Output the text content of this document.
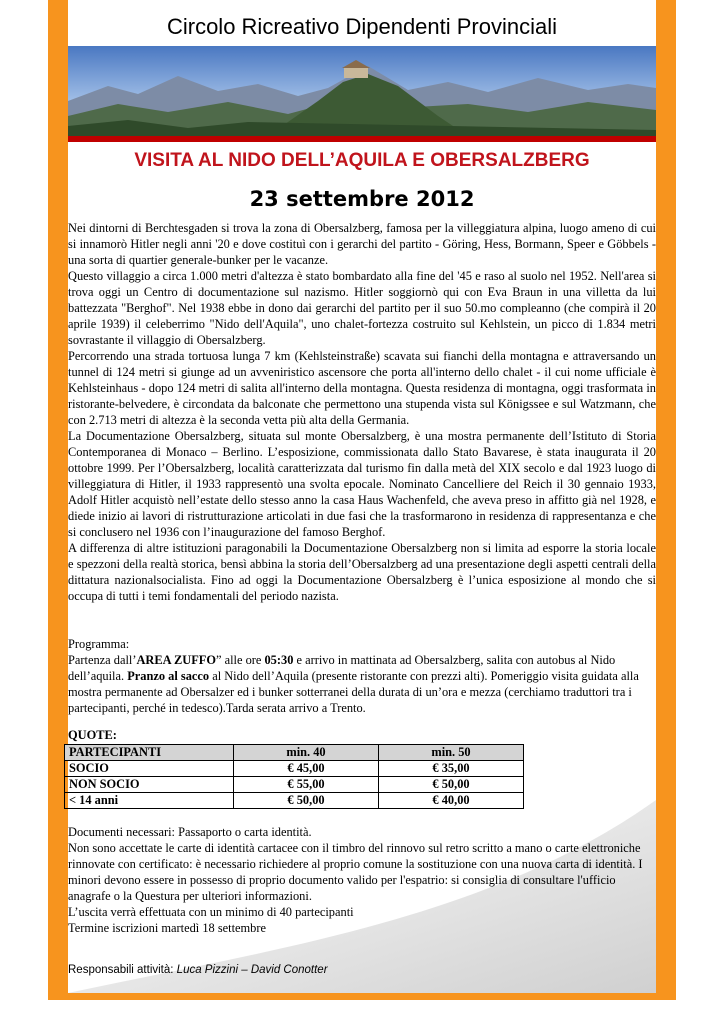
Circolo Ricreativo Dipendenti Provinciali
VISITA AL NIDO DELL’AQUILA E OBERSALZBERG
23 settembre 2012

Nei dintorni di Berchtesgaden si trova la zona di Obersalzberg, famosa per la villeggiatura alpina, luogo ameno di cui si innamorò Hitler negli anni '20 e dove costituì con i gerarchi del partito - Göring, Hess, Bormann, Speer e Göbbels - una sorta di quartier generale-bunker per le vacanze.

Questo villaggio a circa 1.000 metri d'altezza è stato bombardato alla fine del '45 e raso al suolo nel 1952. Nell'area si trova oggi un Centro di documentazione sul nazismo. Hitler soggiornò qui con Eva Braun in una villetta da lui battezzata "Berghof". Nel 1938 ebbe in dono dai gerarchi del partito per il suo 50.mo compleanno (che compirà il 20 aprile 1939) il celeberrimo "Nido dell'Aquila", uno chalet-fortezza costruito sul Kehlstein, un picco di 1.834 metri sovrastante il villaggio di Obersalzberg.

Percorrendo una strada tortuosa lunga 7 km (Kehlsteinstraße) scavata sui fianchi della montagna e attraversando un tunnel di 124 metri si giunge ad un avveniristico ascensore che porta all'interno dello chalet - il cui nome ufficiale è Kehlsteinhaus - dopo 124 metri di salita all'interno della montagna. Questa residenza di montagna, oggi trasformata in ristorante-belvedere, è circondata da balconate che permettono una stupenda vista sul Königssee e sul Watzmann, che con 2.713 metri di altezza è la seconda vetta più alta della Germania.

La Documentazione Obersalzberg, situata sul monte Obersalzberg, è una mostra permanente dell’Istituto di Storia Contemporanea di Monaco – Berlino. L’esposizione, commissionata dallo Stato Bavarese, è stata inaugurata il 20 ottobre 1999. Per l’Obersalzberg, località caratterizzata dal turismo fin dalla metà del XIX secolo e dal 1923 luogo di villeggiatura di Hitler, il 1933 rappresentò una svolta epocale. Nominato Cancelliere del Reich il 30 gennaio 1933, Adolf Hitler acquistò nell’estate dello stesso anno la casa Haus Wachenfeld, che aveva preso in affitto già nel 1928, e diede inizio ai lavori di ristrutturazione articolati in due fasi che la trasformarono in residenza di rappresentanza e che si conclusero nel 1936 con l’inaugurazione del famoso Berghof.

A differenza di altre istituzioni paragonabili la Documentazione Obersalzberg non si limita ad esporre la storia locale e spezzoni della realtà storica, bensì abbina la storia dell’Obersalzberg ad una presentazione degli aspetti centrali della dittatura nazionalsocialista. Fino ad oggi la Documentazione Obersalzberg è l’unica esposizione al mondo che si occupa di tutti i temi fondamentali del periodo nazista.

Programma:

Partenza dall’AREA ZUFFO” alle ore 05:30 e arrivo in mattinata ad Obersalzberg, salita con autobus al Nido dell’aquila. Pranzo al sacco al Nido dell’Aquila (presente ristorante con prezzi alti). Pomeriggio visita guidata alla mostra permanente ad Obersalzer ed i bunker sotterranei della durata di un’ora e mezza (cerchiamo traduttori tra i partecipanti, perché in tedesco).Tarda serata arrivo a Trento.

QUOTE:
PARTECIPANTI	min. 40	min. 50
SOCIO	€ 45,00	€ 35,00
NON SOCIO	€ 55,00	€ 50,00
< 14 anni	€ 50,00	€ 40,00

Documenti necessari: Passaporto o carta identità.

Non sono accettate le carte di identità cartacee con il timbro del rinnovo sul retro scritto a mano o carte elettroniche rinnovate con certificato: è necessario richiedere al proprio comune la sostituzione con una nuova carta di identità. I minori devono essere in possesso di proprio documento valido per l'espatrio: si consiglia di consultare l'ufficio anagrafe o la Questura per ulteriori informazioni.

L’uscita verrà effettuata con un minimo di 40 partecipanti

Termine iscrizioni martedì 18 settembre

Responsabili attività: Luca Pizzini – David Conotter
